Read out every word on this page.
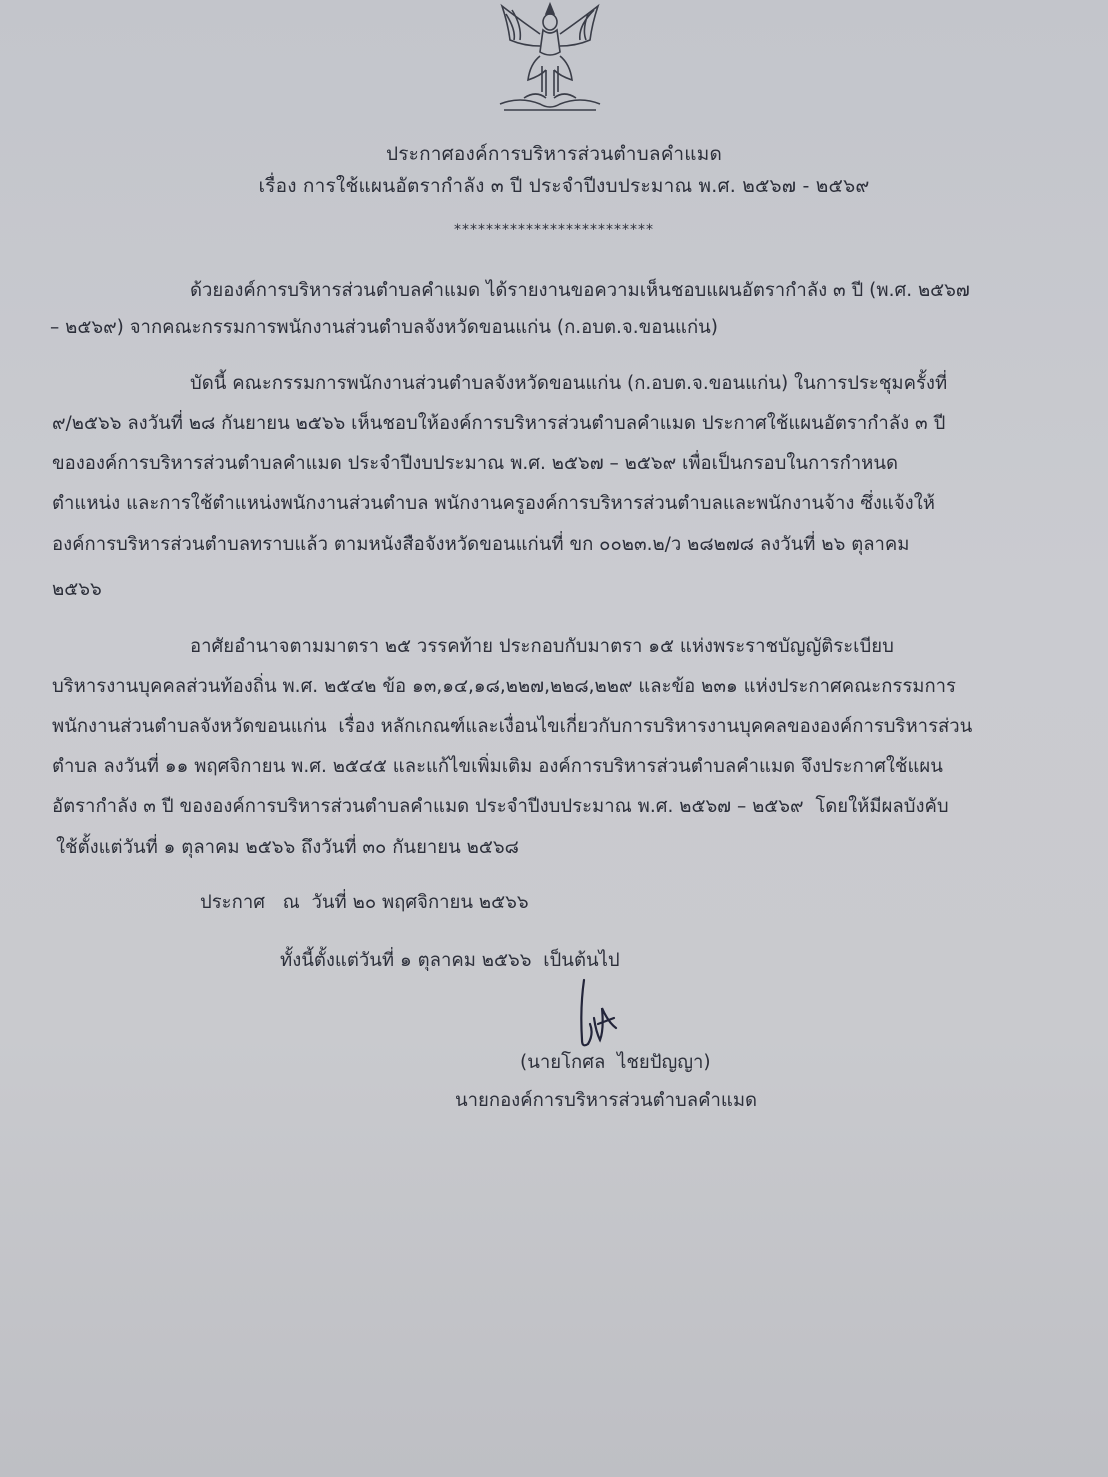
ประกาศองค์การบริหารส่วนตำบลคำแมด
เรื่อง การใช้แผนอัตรากำลัง ๓ ปี ประจำปีงบประมาณ พ.ศ. ๒๕๖๗ - ๒๕๖๙
*************************
ด้วยองค์การบริหารส่วนตำบลคำแมด ได้รายงานขอความเห็นชอบแผนอัตรากำลัง ๓ ปี (พ.ศ. ๒๕๖๗
– ๒๕๖๙) จากคณะกรรมการพนักงานส่วนตำบลจังหวัดขอนแก่น (ก.อบต.จ.ขอนแก่น)
บัดนี้ คณะกรรมการพนักงานส่วนตำบลจังหวัดขอนแก่น (ก.อบต.จ.ขอนแก่น) ในการประชุมครั้งที่
๙/๒๕๖๖ ลงวันที่ ๒๘ กันยายน ๒๕๖๖ เห็นชอบให้องค์การบริหารส่วนตำบลคำแมด ประกาศใช้แผนอัตรากำลัง ๓ ปี
ขององค์การบริหารส่วนตำบลคำแมด ประจำปีงบประมาณ พ.ศ. ๒๕๖๗ – ๒๕๖๙ เพื่อเป็นกรอบในการกำหนด
ตำแหน่ง และการใช้ตำแหน่งพนักงานส่วนตำบล พนักงานครูองค์การบริหารส่วนตำบลและพนักงานจ้าง ซึ่งแจ้งให้
องค์การบริหารส่วนตำบลทราบแล้ว ตามหนังสือจังหวัดขอนแก่นที่ ขก ๐๐๒๓.๒/ว ๒๘๒๗๘ ลงวันที่ ๒๖ ตุลาคม
๒๕๖๖
อาศัยอำนาจตามมาตรา ๒๕ วรรคท้าย ประกอบกับมาตรา ๑๕ แห่งพระราชบัญญัติระเบียบ
บริหารงานบุคคลส่วนท้องถิ่น พ.ศ. ๒๕๔๒ ข้อ ๑๓,๑๔,๑๘,๒๒๗,๒๒๘,๒๒๙ และข้อ ๒๓๑ แห่งประกาศคณะกรรมการ
พนักงานส่วนตำบลจังหวัดขอนแก่น  เรื่อง หลักเกณฑ์และเงื่อนไขเกี่ยวกับการบริหารงานบุคคลขององค์การบริหารส่วน
ตำบล ลงวันที่ ๑๑ พฤศจิกายน พ.ศ. ๒๕๔๕ และแก้ไขเพิ่มเติม องค์การบริหารส่วนตำบลคำแมด จึงประกาศใช้แผน
อัตรากำลัง ๓ ปี ขององค์การบริหารส่วนตำบลคำแมด ประจำปีงบประมาณ พ.ศ. ๒๕๖๗ – ๒๕๖๙  โดยให้มีผลบังคับ
ใช้ตั้งแต่วันที่ ๑ ตุลาคม ๒๕๖๖ ถึงวันที่ ๓๐ กันยายน ๒๕๖๘
ประกาศ   ณ  วันที่ ๒๐ พฤศจิกายน ๒๕๖๖
ทั้งนี้ตั้งแต่วันที่ ๑ ตุลาคม ๒๕๖๖  เป็นต้นไป
(นายโกศล  ไชยปัญญา)
นายกองค์การบริหารส่วนตำบลคำแมด
